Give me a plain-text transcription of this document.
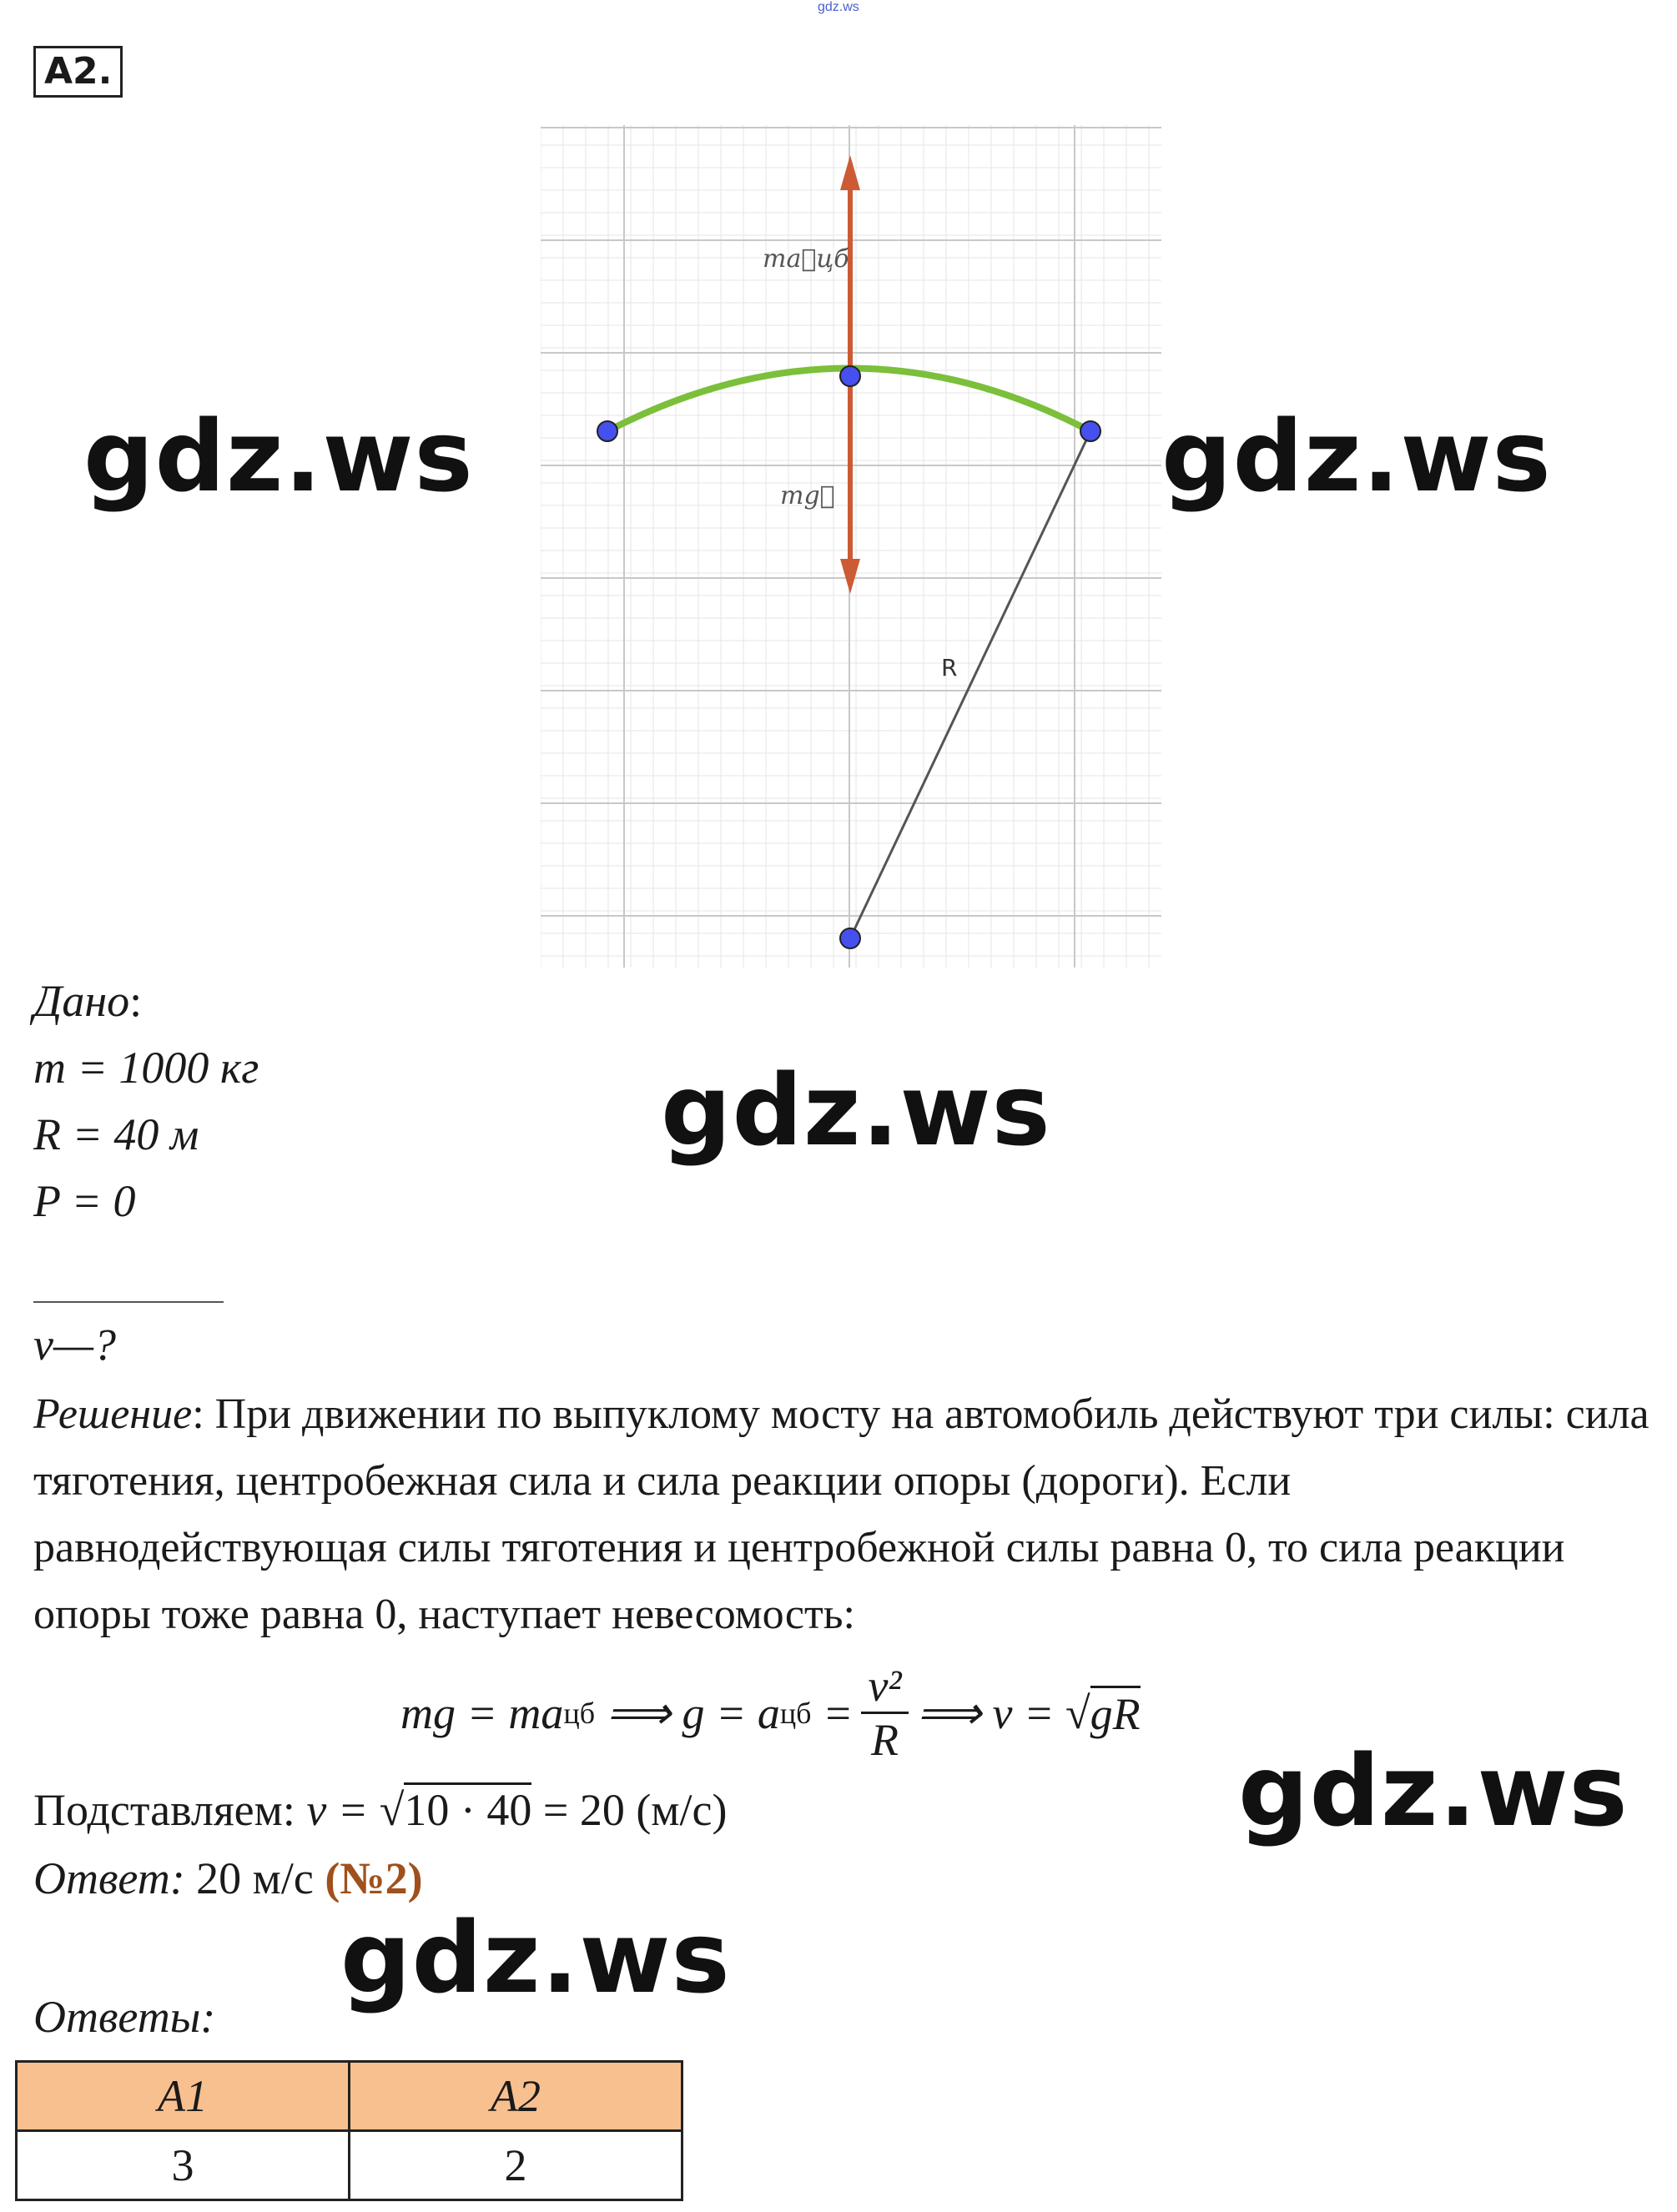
gdz.ws
A2.
gdz.ws	gdz.ws
gdz.ws
gdz.ws
gdz.ws
ma⃗цб
mg⃗
R
Дано:
m = 1000 кг
R = 40 м
P = 0
v—?
Решение: При движении по выпуклому мосту на автомобиль действуют три силы: сила тяготения, центробежная сила и сила реакции опоры (дороги). Если равнодействующая силы тяготения и центробежной силы равна 0, то сила реакции опоры тоже равна 0, наступает невесомость:
mg = ma цб ⟹ g = a цб = $\frac{\text{v²}}{R}$ ⟹ v = √ gR
Подставляем: v = √10 · 40 = 20 (м/с)
Ответ: 20 м/с (№2)
Ответы:
A1	A2
3	2
